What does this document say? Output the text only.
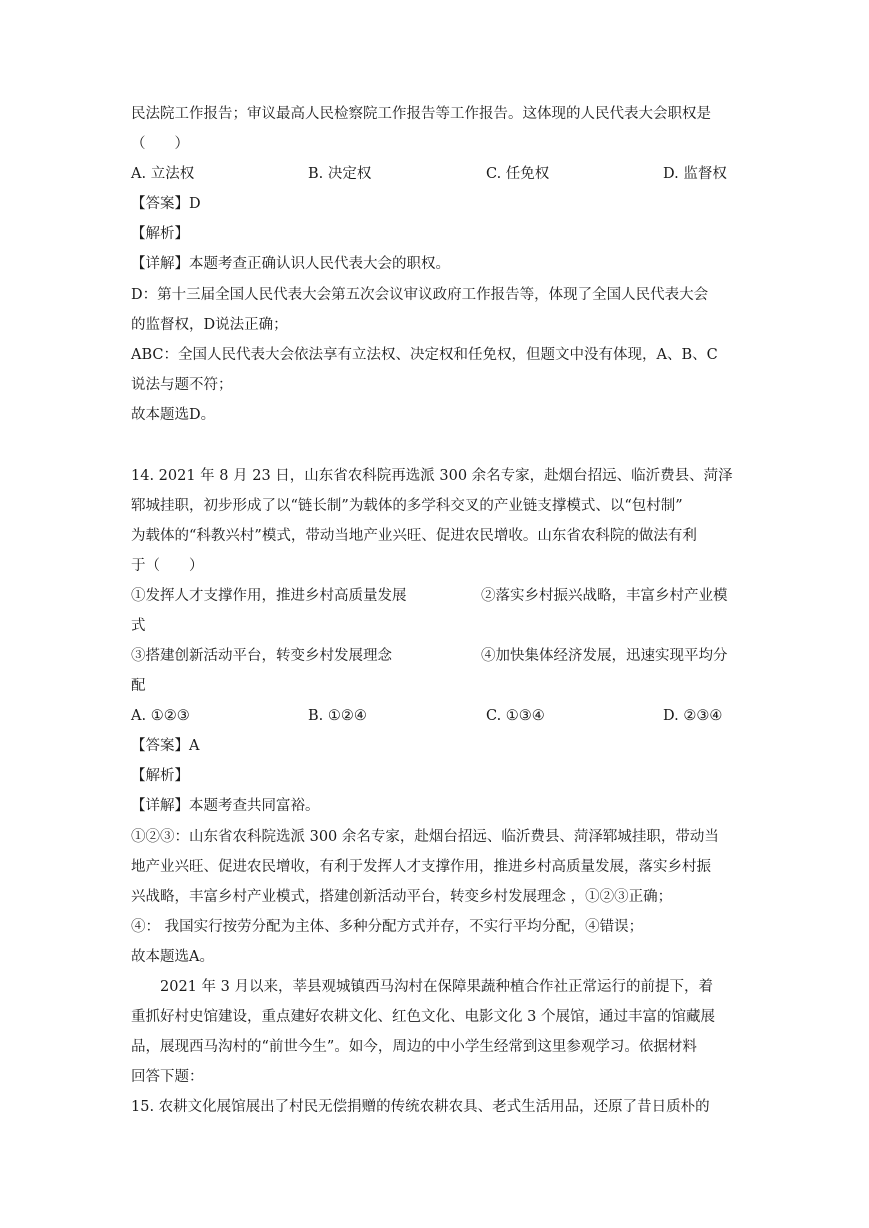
民法院工作报告；审议最高人民检察院工作报告等工作报告。这体现的人民代表大会职权是
（　　）
A. 立法权	B. 决定权	C. 任免权	D. 监督权
【答案】D
【解析】
【详解】本题考查正确认识人民代表大会的职权。
D：第十三届全国人民代表大会第五次会议审议政府工作报告等，体现了全国人民代表大会
的监督权，D说法正确；
ABC：全国人民代表大会依法享有立法权、决定权和任免权，但题文中没有体现，A、B、C
说法与题不符；
故本题选D。
14. 2021 年 8 月 23 日，山东省农科院再选派 300 余名专家，赴烟台招远、临沂费县、菏泽
郓城挂职，初步形成了以“链长制”为载体的多学科交叉的产业链支撑模式、以“包村制”
为载体的“科教兴村”模式，带动当地产业兴旺、促进农民增收。山东省农科院的做法有利
于（　　）
①发挥人才支撑作用，推进乡村高质量发展	②落实乡村振兴战略，丰富乡村产业模
式
③搭建创新活动平台，转变乡村发展理念	④加快集体经济发展，迅速实现平均分
配
A. ①②③	B. ①②④	C. ①③④	D. ②③④
【答案】A
【解析】
【详解】本题考查共同富裕。
①②③：山东省农科院选派 300 余名专家，赴烟台招远、临沂费县、菏泽郓城挂职，带动当
地产业兴旺、促进农民增收，有利于发挥人才支撑作用，推进乡村高质量发展，落实乡村振
兴战略，丰富乡村产业模式，搭建创新活动平台，转变乡村发展理念 ，①②③正确；
④： 我国实行按劳分配为主体、多种分配方式并存，不实行平均分配，④错误；
故本题选A。
2021 年 3 月以来，莘县观城镇西马沟村在保障果蔬种植合作社正常运行的前提下，着
重抓好村史馆建设，重点建好农耕文化、红色文化、电影文化 3 个展馆，通过丰富的馆藏展
品，展现西马沟村的“前世今生”。如今，周边的中小学生经常到这里参观学习。依据材料
回答下题：
15. 农耕文化展馆展出了村民无偿捐赠的传统农耕农具、老式生活用品，还原了昔日质朴的
